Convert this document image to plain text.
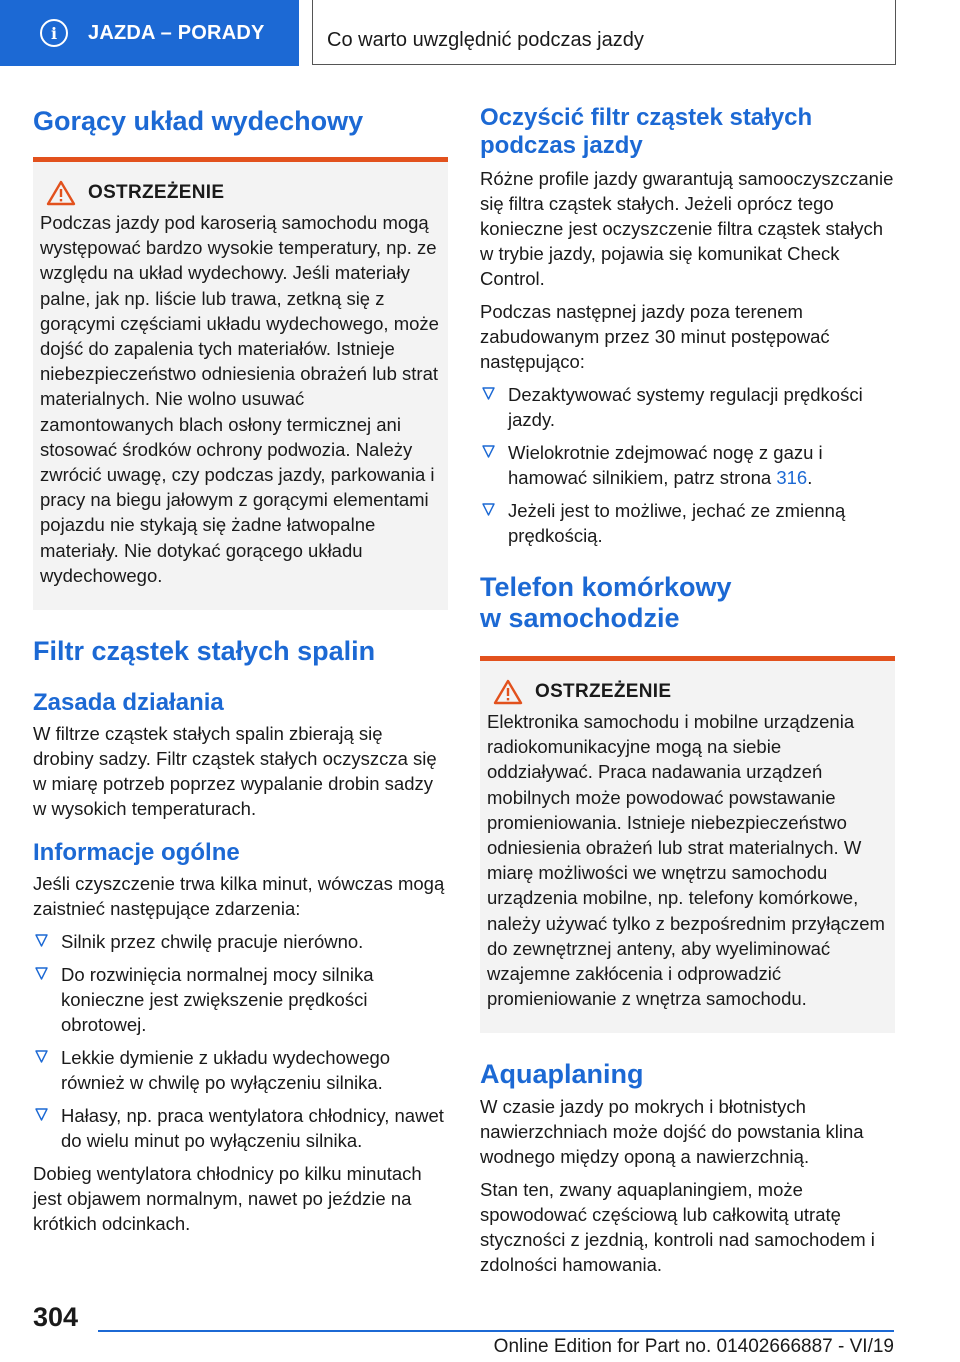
i	JAZDA – PORADY	Co warto uwzględnić podczas jazdy
Gorący układ wydechowy
OSTRZEŻENIE

Podczas jazdy pod karoserią samochodu mogą występować bardzo wysokie temperatury, np. ze względu na układ wydechowy. Jeśli materiały palne, jak np. liście lub trawa, zetkną się z gorącymi częściami układu wydechowego, może dojść do zapalenia tych materiałów. Istnieje niebezpieczeństwo odniesienia obrażeń lub strat materialnych. Nie wolno usuwać zamontowanych blach osłony termicznej ani stosować środków ochrony podwozia. Należy zwrócić uwagę, czy podczas jazdy, parkowania i pracy na biegu jałowym z gorącymi elementami pojazdu nie stykają się żadne łatwopalne materiały. Nie dotykać gorącego układu wydechowego.

Filtr cząstek stałych spalin
Zasada działania

W filtrze cząstek stałych spalin zbierają się drobiny sadzy. Filtr cząstek stałych oczyszcza się w miarę potrzeb poprzez wypalanie drobin sadzy w wysokich temperaturach.

Informacje ogólne

Jeśli czyszczenie trwa kilka minut, wówczas mogą zaistnieć następujące zdarzenia:

Silnik przez chwilę pracuje nierówno.
Do rozwinięcia normalnej mocy silnika konieczne jest zwiększenie prędkości obrotowej.
Lekkie dymienie z układu wydechowego również w chwilę po wyłączeniu silnika.
Hałasy, np. praca wentylatora chłodnicy, nawet do wielu minut po wyłączeniu silnika.

Dobieg wentylatora chłodnicy po kilku minutach jest objawem normalnym, nawet po jeździe na krótkich odcinkach.

Oczyścić filtr cząstek stałych podczas jazdy

Różne profile jazdy gwarantują samooczyszczanie się filtra cząstek stałych. Jeżeli oprócz tego konieczne jest oczyszczenie filtra cząstek stałych w trybie jazdy, pojawia się komunikat Check Control.

Podczas następnej jazdy poza terenem zabudowanym przez 30 minut postępować następująco:

Dezaktywować systemy regulacji prędkości jazdy.
Wielokrotnie zdejmować nogę z gazu i hamować silnikiem, patrz strona 316.
Jeżeli jest to możliwe, jechać ze zmienną prędkością.
Telefon komórkowy w samochodzie
OSTRZEŻENIE

Elektronika samochodu i mobilne urządzenia radiokomunikacyjne mogą na siebie oddziaływać. Praca nadawania urządzeń mobilnych może powodować powstawanie promieniowania. Istnieje niebezpieczeństwo odniesienia obrażeń lub strat materialnych. W miarę możliwości we wnętrzu samochodu urządzenia mobilne, np. telefony komórkowe, należy używać tylko z bezpośrednim przyłączem do zewnętrznej anteny, aby wyeliminować wzajemne zakłócenia i odprowadzić promieniowanie z wnętrza samochodu.

Aquaplaning

W czasie jazdy po mokrych i błotnistych nawierzchniach może dojść do powstania klina wodnego między oponą a nawierzchnią.

Stan ten, zwany aquaplaningiem, może spowodować częściową lub całkowitą utratę styczności z jezdnią, kontroli nad samochodem i zdolności hamowania.

304
Online Edition for Part no. 01402666887 - VI/19
